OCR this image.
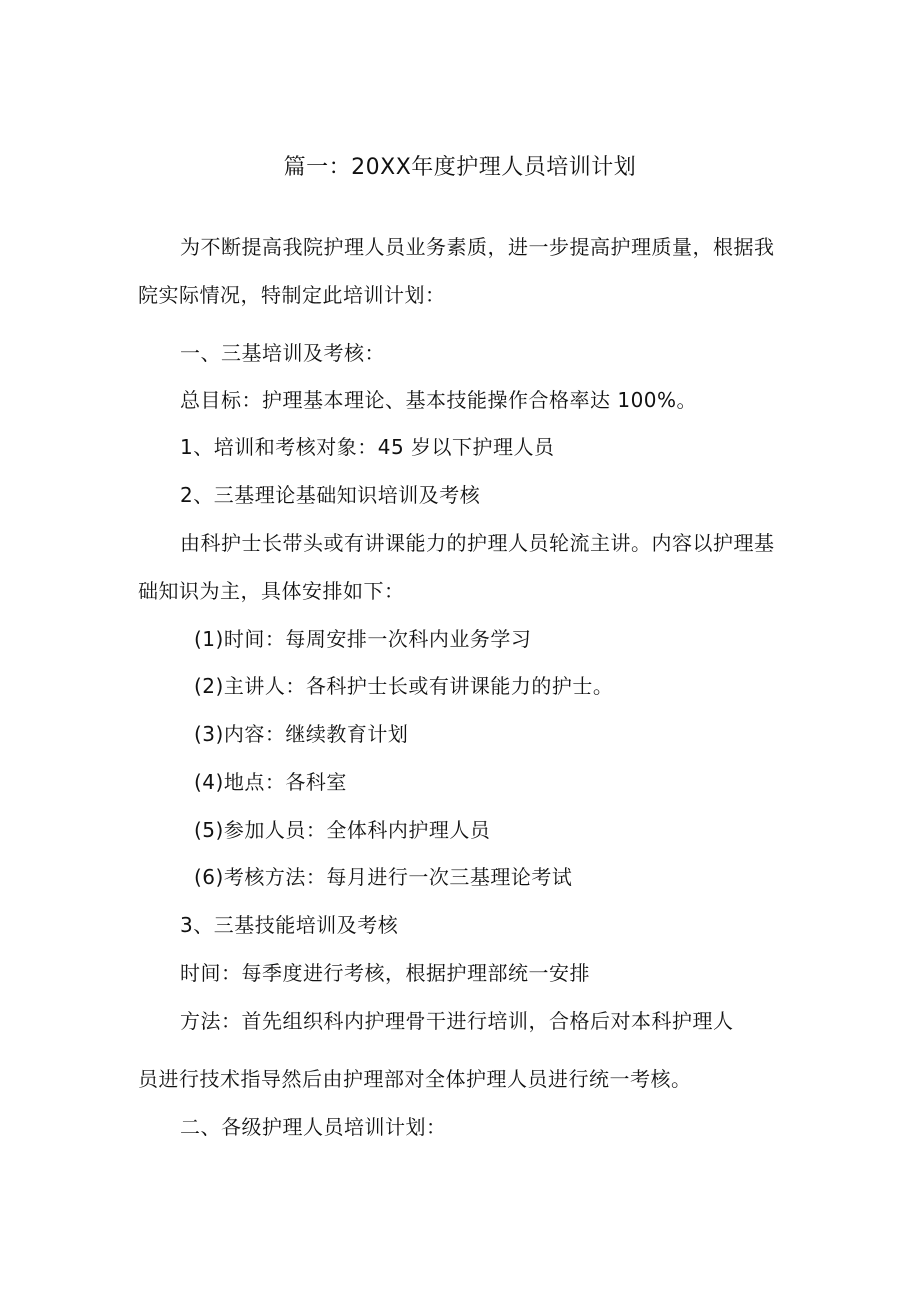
篇一：20XX年度护理人员培训计划
为不断提高我院护理人员业务素质，进一步提高护理质量，根据我
院实际情况，特制定此培训计划：
一、三基培训及考核：
总目标：护理基本理论、基本技能操作合格率达 100%。
1、培训和考核对象：45 岁以下护理人员
2、三基理论基础知识培训及考核
由科护士长带头或有讲课能力的护理人员轮流主讲。内容以护理基
础知识为主，具体安排如下：
(1)时间：每周安排一次科内业务学习
(2)主讲人：各科护士长或有讲课能力的护士。
(3)内容：继续教育计划
(4)地点：各科室
(5)参加人员：全体科内护理人员
(6)考核方法：每月进行一次三基理论考试
3、三基技能培训及考核
时间：每季度进行考核，根据护理部统一安排
方法：首先组织科内护理骨干进行培训，合格后对本科护理人
员进行技术指导然后由护理部对全体护理人员进行统一考核。
二、各级护理人员培训计划：
